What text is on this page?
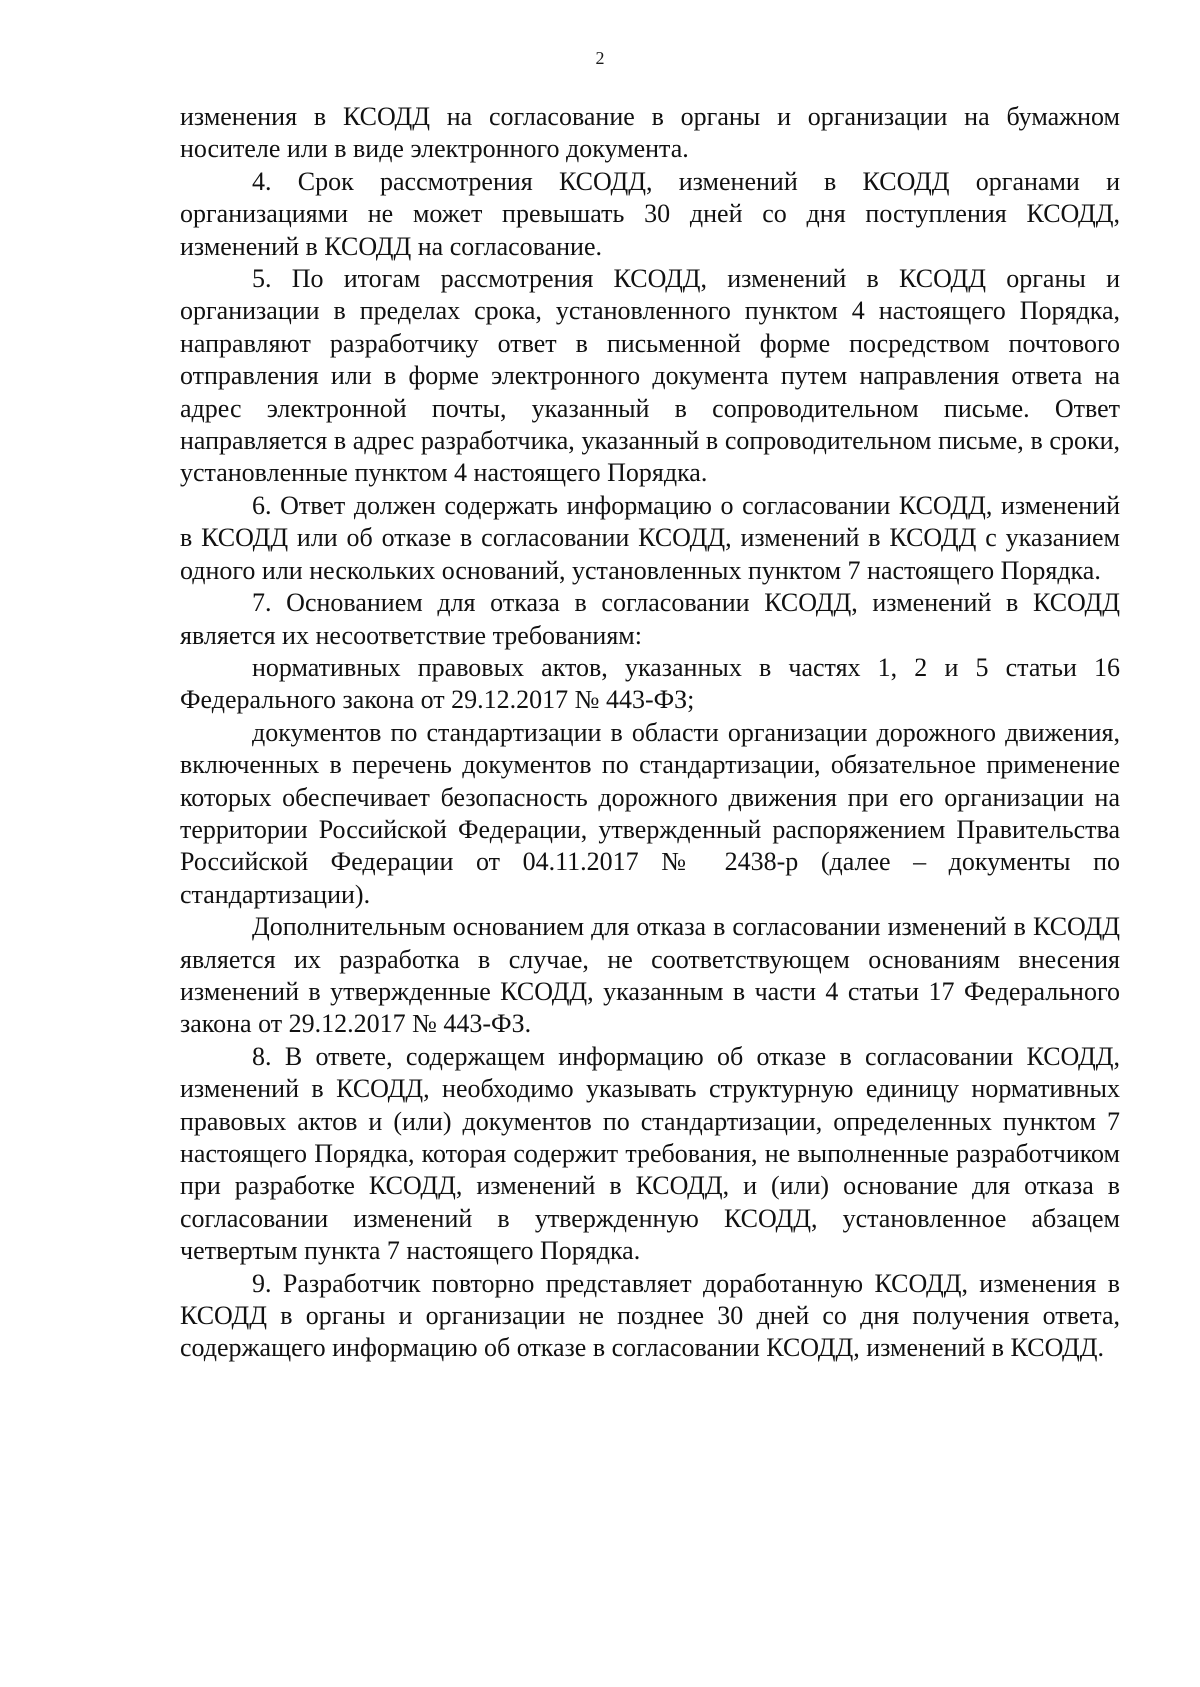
2

изменения в КСОДД на согласование в органы и организации на бумажном носителе или в виде электронного документа.

4. Срок рассмотрения КСОДД, изменений в КСОДД органами и организациями не может превышать 30 дней со дня поступления КСОДД, изменений в КСОДД на согласование.

5. По итогам рассмотрения КСОДД, изменений в КСОДД органы и организации в пределах срока, установленного пунктом 4 настоящего Порядка, направляют разработчику ответ в письменной форме посредством почтового отправления или в форме электронного документа путем направления ответа на адрес электронной почты, указанный в сопроводительном письме. Ответ направляется в адрес разработчика, указанный в сопроводительном письме, в сроки, установленные пунктом 4 настоящего Порядка.

6. Ответ должен содержать информацию о согласовании КСОДД, изменений в КСОДД или об отказе в согласовании КСОДД, изменений в КСОДД с указанием одного или нескольких оснований, установленных пунктом 7 настоящего Порядка.

7. Основанием для отказа в согласовании КСОДД, изменений в КСОДД является их несоответствие требованиям:

нормативных правовых актов, указанных в частях 1, 2 и 5 статьи 16 Федерального закона от 29.12.2017 № 443-ФЗ;

документов по стандартизации в области организации дорожного движения, включенных в перечень документов по стандартизации, обязательное применение которых обеспечивает безопасность дорожного движения при его организации на территории Российской Федерации, утвержденный распоряжением Правительства Российской Федерации от 04.11.2017 № 2438-р (далее – документы по стандартизации).

Дополнительным основанием для отказа в согласовании изменений в КСОДД является их разработка в случае, не соответствующем основаниям внесения изменений в утвержденные КСОДД, указанным в части 4 статьи 17 Федерального закона от 29.12.2017 № 443-ФЗ.

8. В ответе, содержащем информацию об отказе в согласовании КСОДД, изменений в КСОДД, необходимо указывать структурную единицу нормативных правовых актов и (или) документов по стандартизации, определенных пунктом 7 настоящего Порядка, которая содержит требования, не выполненные разработчиком при разработке КСОДД, изменений в КСОДД, и (или) основание для отказа в согласовании изменений в утвержденную КСОДД, установленное абзацем четвертым пункта 7 настоящего Порядка.

9. Разработчик повторно представляет доработанную КСОДД, изменения в КСОДД в органы и организации не позднее 30 дней со дня получения ответа, содержащего информацию об отказе в согласовании КСОДД, изменений в КСОДД.
